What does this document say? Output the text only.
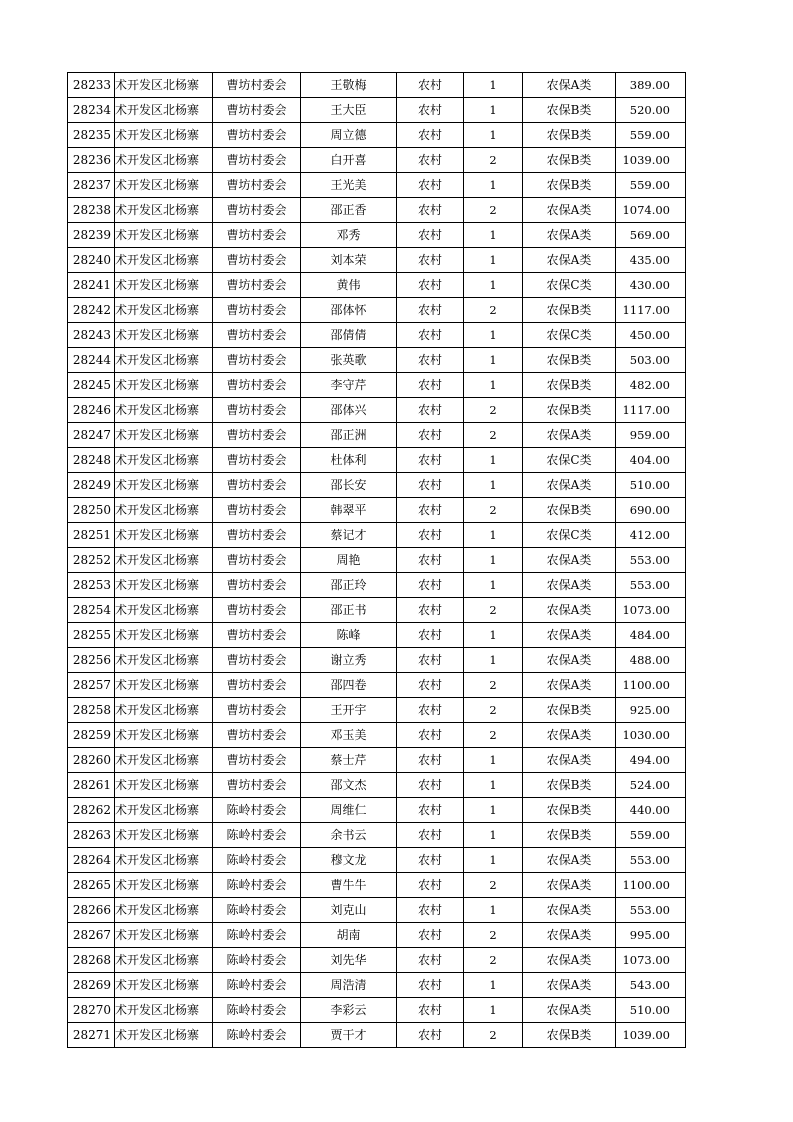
28233	术开发区北杨寨	曹坊村委会	王敬梅	农村	1	农保A类	389.00
28234	术开发区北杨寨	曹坊村委会	王大臣	农村	1	农保B类	520.00
28235	术开发区北杨寨	曹坊村委会	周立德	农村	1	农保B类	559.00
28236	术开发区北杨寨	曹坊村委会	白开喜	农村	2	农保B类	1039.00
28237	术开发区北杨寨	曹坊村委会	王光美	农村	1	农保B类	559.00
28238	术开发区北杨寨	曹坊村委会	邵正香	农村	2	农保A类	1074.00
28239	术开发区北杨寨	曹坊村委会	邓秀	农村	1	农保A类	569.00
28240	术开发区北杨寨	曹坊村委会	刘本荣	农村	1	农保A类	435.00
28241	术开发区北杨寨	曹坊村委会	黄伟	农村	1	农保C类	430.00
28242	术开发区北杨寨	曹坊村委会	邵体怀	农村	2	农保B类	1117.00
28243	术开发区北杨寨	曹坊村委会	邵倩倩	农村	1	农保C类	450.00
28244	术开发区北杨寨	曹坊村委会	张英歌	农村	1	农保B类	503.00
28245	术开发区北杨寨	曹坊村委会	李守芹	农村	1	农保B类	482.00
28246	术开发区北杨寨	曹坊村委会	邵体兴	农村	2	农保B类	1117.00
28247	术开发区北杨寨	曹坊村委会	邵正洲	农村	2	农保A类	959.00
28248	术开发区北杨寨	曹坊村委会	杜体利	农村	1	农保C类	404.00
28249	术开发区北杨寨	曹坊村委会	邵长安	农村	1	农保A类	510.00
28250	术开发区北杨寨	曹坊村委会	韩翠平	农村	2	农保B类	690.00
28251	术开发区北杨寨	曹坊村委会	蔡记才	农村	1	农保C类	412.00
28252	术开发区北杨寨	曹坊村委会	周艳	农村	1	农保A类	553.00
28253	术开发区北杨寨	曹坊村委会	邵正玲	农村	1	农保A类	553.00
28254	术开发区北杨寨	曹坊村委会	邵正书	农村	2	农保A类	1073.00
28255	术开发区北杨寨	曹坊村委会	陈峰	农村	1	农保A类	484.00
28256	术开发区北杨寨	曹坊村委会	谢立秀	农村	1	农保A类	488.00
28257	术开发区北杨寨	曹坊村委会	邵四卷	农村	2	农保A类	1100.00
28258	术开发区北杨寨	曹坊村委会	王开宇	农村	2	农保B类	925.00
28259	术开发区北杨寨	曹坊村委会	邓玉美	农村	2	农保A类	1030.00
28260	术开发区北杨寨	曹坊村委会	蔡士芹	农村	1	农保A类	494.00
28261	术开发区北杨寨	曹坊村委会	邵文杰	农村	1	农保B类	524.00
28262	术开发区北杨寨	陈岭村委会	周维仁	农村	1	农保B类	440.00
28263	术开发区北杨寨	陈岭村委会	余书云	农村	1	农保B类	559.00
28264	术开发区北杨寨	陈岭村委会	穆文龙	农村	1	农保A类	553.00
28265	术开发区北杨寨	陈岭村委会	曹牛牛	农村	2	农保A类	1100.00
28266	术开发区北杨寨	陈岭村委会	刘克山	农村	1	农保A类	553.00
28267	术开发区北杨寨	陈岭村委会	胡南	农村	2	农保A类	995.00
28268	术开发区北杨寨	陈岭村委会	刘先华	农村	2	农保A类	1073.00
28269	术开发区北杨寨	陈岭村委会	周浩清	农村	1	农保A类	543.00
28270	术开发区北杨寨	陈岭村委会	李彩云	农村	1	农保A类	510.00
28271	术开发区北杨寨	陈岭村委会	贾干才	农村	2	农保B类	1039.00
